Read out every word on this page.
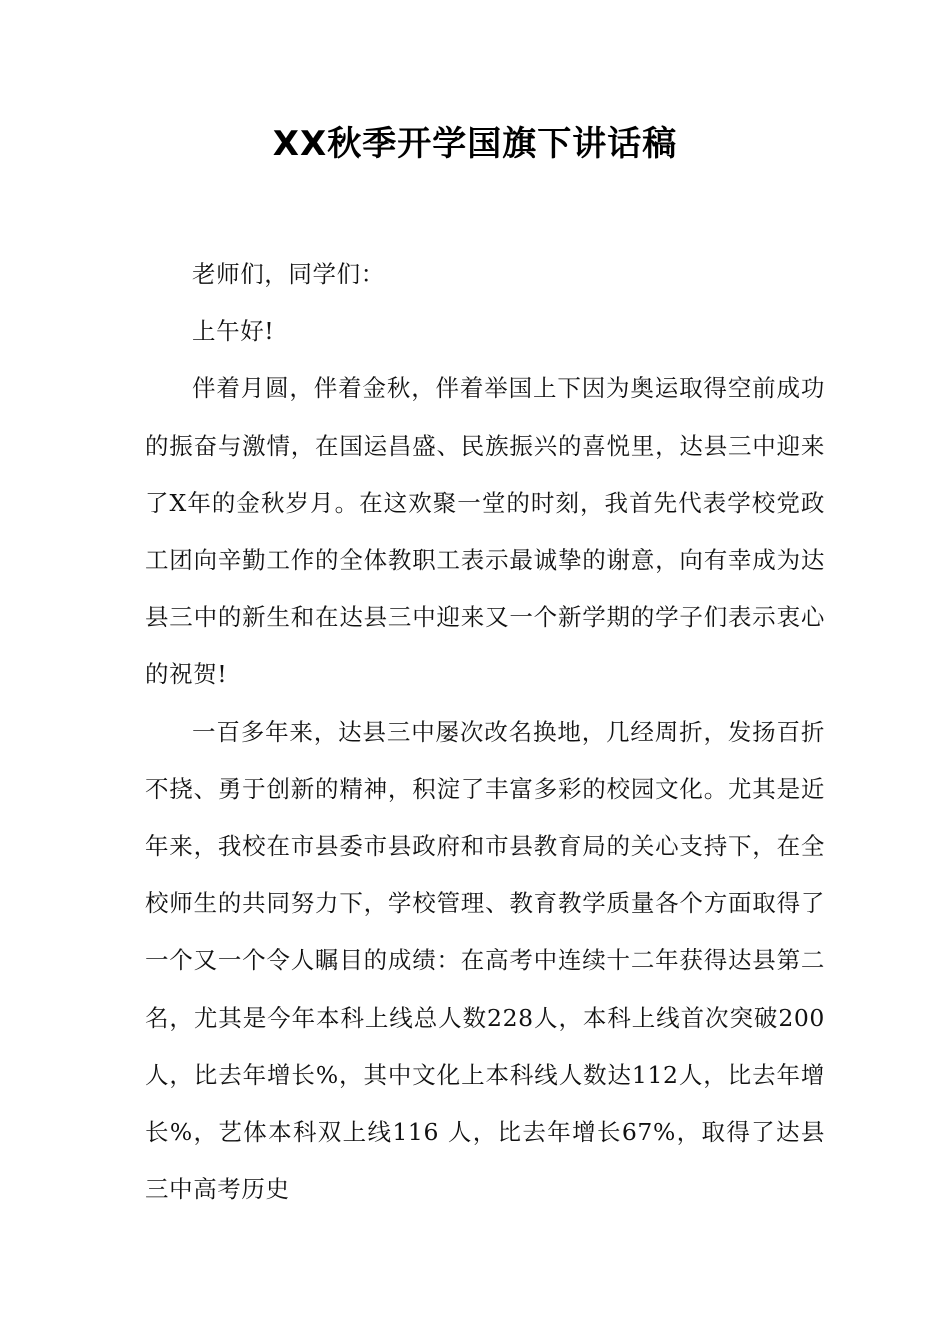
XX秋季开学国旗下讲话稿

老师们，同学们：

上午好!

伴着月圆，伴着金秋，伴着举国上下因为奥运取得空前成功的振奋与激情，在国运昌盛、民族振兴的喜悦里，达县三中迎来了X年的金秋岁月。在这欢聚一堂的时刻，我首先代表学校党政工团向辛勤工作的全体教职工表示最诚挚的谢意，向有幸成为达县三中的新生和在达县三中迎来又一个新学期的学子们表示衷心的祝贺!

一百多年来，达县三中屡次改名换地，几经周折，发扬百折不挠、勇于创新的精神，积淀了丰富多彩的校园文化。尤其是近年来，我校在市县委市县政府和市县教育局的关心支持下，在全校师生的共同努力下，学校管理、教育教学质量各个方面取得了一个又一个令人瞩目的成绩：在高考中连续十二年获得达县第二名，尤其是今年本科上线总人数228人，本科上线首次突破200人，比去年增长%，其中文化上本科线人数达112人，比去年增长%，艺体本科双上线116 人，比去年增长67%，取得了达县三中高考历史
